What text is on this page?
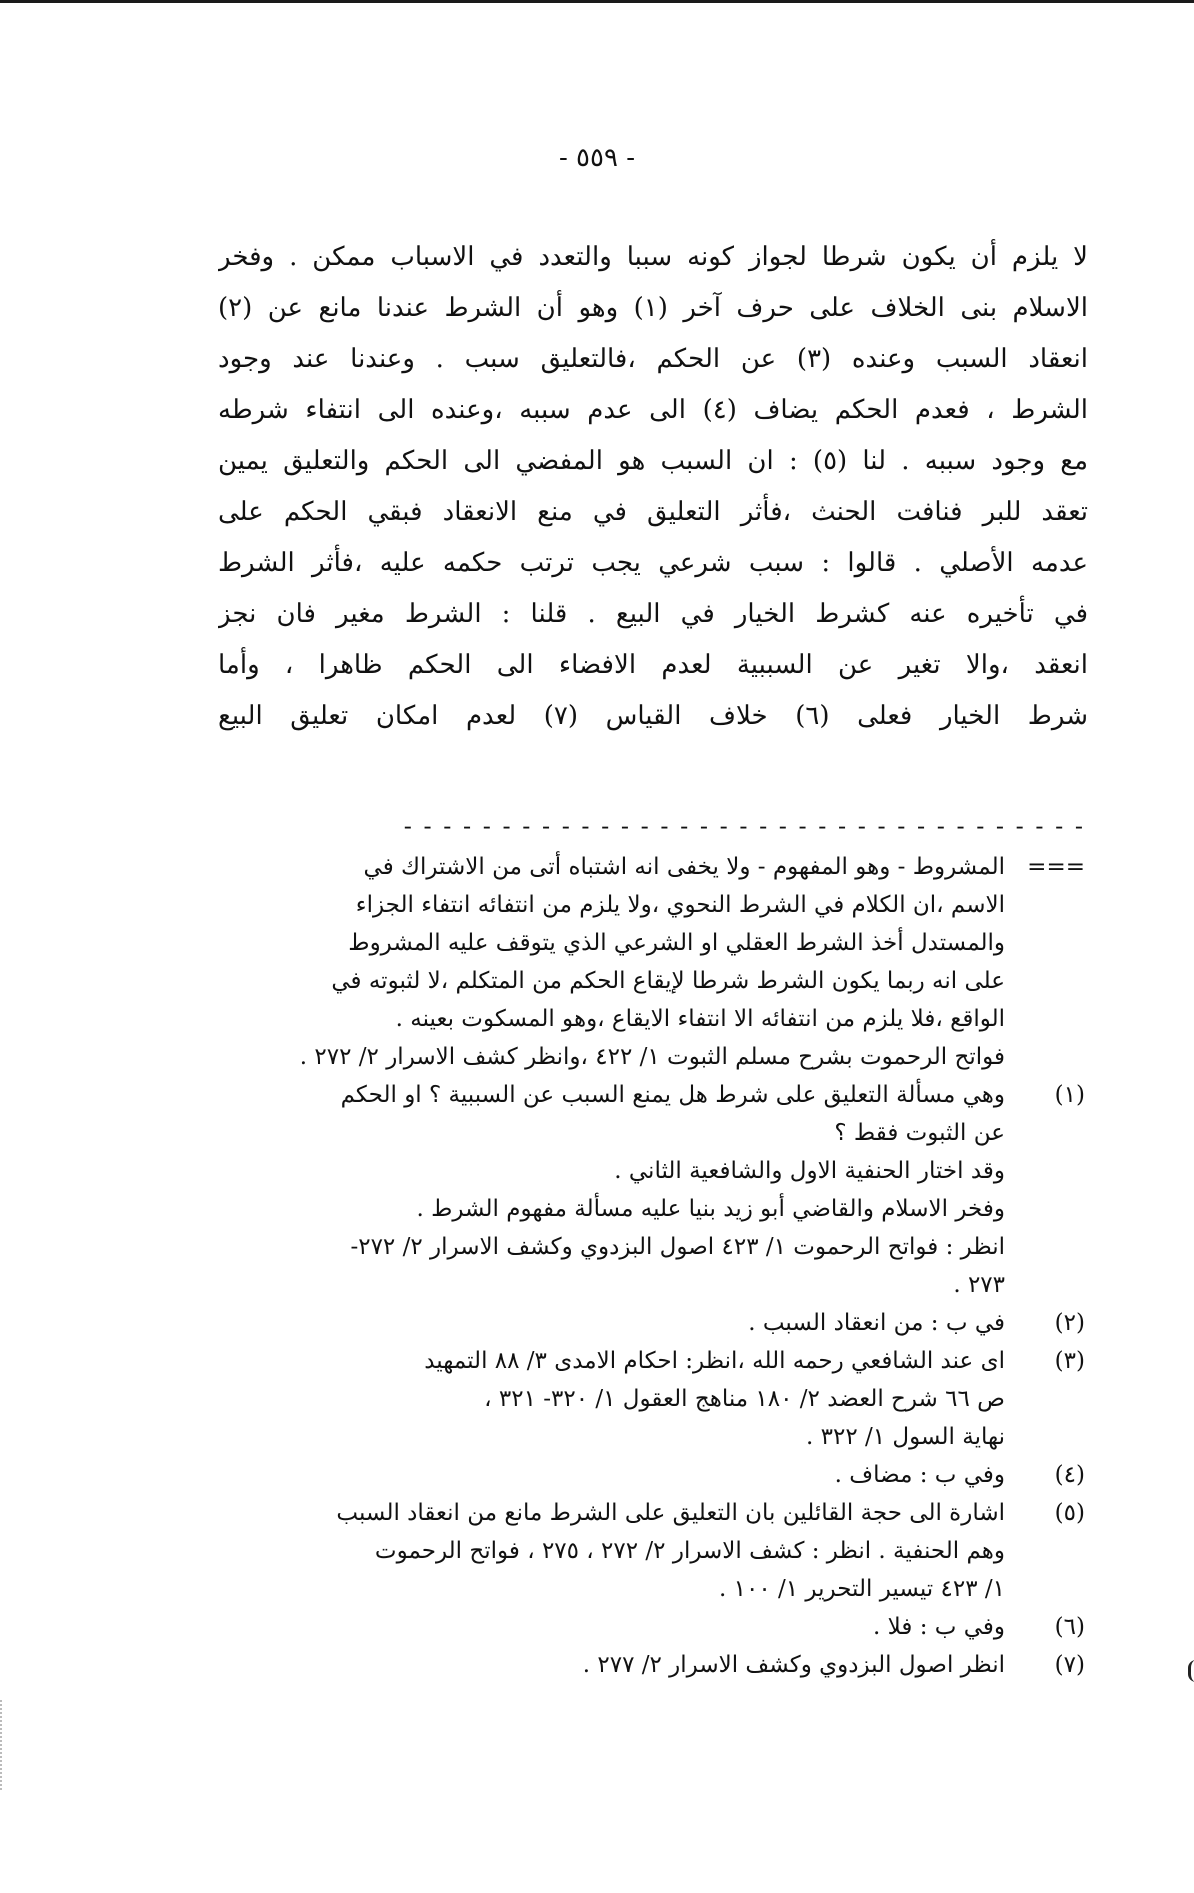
- ٥٥٩ -
لا يلزم أن يكون شرطا لجواز كونه سببا والتعدد في الاسباب ممكن . وفخر
الاسلام بنى الخلاف على حرف آخر (١) وهو أن الشرط عندنا مانع عن (٢)
انعقاد السبب وعنده (٣) عن الحكم ،فالتعليق سبب . وعندنا عند وجود
الشرط ، فعدم الحكم يضاف (٤) الى عدم سببه ،وعنده الى انتفاء شرطه
مع وجود سببه . لنا (٥) : ان السبب هو المفضي الى الحكم والتعليق يمين
تعقد للبر فنافت الحنث ،فأثر التعليق في منع الانعقاد فبقي الحكم على
عدمه الأصلي . قالوا : سبب شرعي يجب ترتب حكمه عليه ،فأثر الشرط
في تأخيره عنه كشرط الخيار في البيع . قلنا : الشرط مغير فان نجز
انعقد ،والا تغير عن السببية لعدم الافضاء الى الحكم ظاهرا ، وأما
شرط الخيار فعلى (٦) خلاف القياس (٧) لعدم امكان تعليق البيع
- - - - - - - - - - - - - - - - - - - - - - - - - - - - - - - - - - -
===
المشروط - وهو المفهوم - ولا يخفى انه اشتباه أتى من الاشتراك في
الاسم ،ان الكلام في الشرط النحوي ،ولا يلزم من انتفائه انتفاء الجزاء
والمستدل أخذ الشرط العقلي او الشرعي الذي يتوقف عليه المشروط
على انه ربما يكون الشرط شرطا لإيقاع الحكم من المتكلم ،لا لثبوته في
الواقع ،فلا يلزم من انتفائه الا انتفاء الايقاع ،وهو المسكوت بعينه .
فواتح الرحموت بشرح مسلم الثبوت ١/ ٤٢٢ ،وانظر كشف الاسرار ٢/ ٢٧٢ .
(١)
وهي مسألة التعليق على شرط هل يمنع السبب عن السببية ؟ او الحكم
عن الثبوت فقط ؟
وقد اختار الحنفية الاول والشافعية الثاني .
وفخر الاسلام والقاضي أبو زيد بنيا عليه مسألة مفهوم الشرط .
انظر : فواتح الرحموت ١/ ٤٢٣ اصول البزدوي وكشف الاسرار ٢/ ٢٧٢-
٢٧٣ .
(٢)
في ب : من انعقاد السبب .
(٣)
اى عند الشافعي رحمه الله ،انظر: احكام الامدى ٣/ ٨٨ التمهيد
ص ٦٦ شرح العضد ٢/ ١٨٠ مناهج العقول ١/ ٣٢٠- ٣٢١ ،
نهاية السول ١/ ٣٢٢ .
(٤)
وفي ب : مضاف .
(٥)
اشارة الى حجة القائلين بان التعليق على الشرط مانع من انعقاد السبب
وهم الحنفية . انظر : كشف الاسرار ٢/ ٢٧٢ ، ٢٧٥ ، فواتح الرحموت
١/ ٤٢٣ تيسير التحرير ١/ ١٠٠ .
(٦)
وفي ب : فلا .
(٧)
انظر اصول البزدوي وكشف الاسرار ٢/ ٢٧٧ .
